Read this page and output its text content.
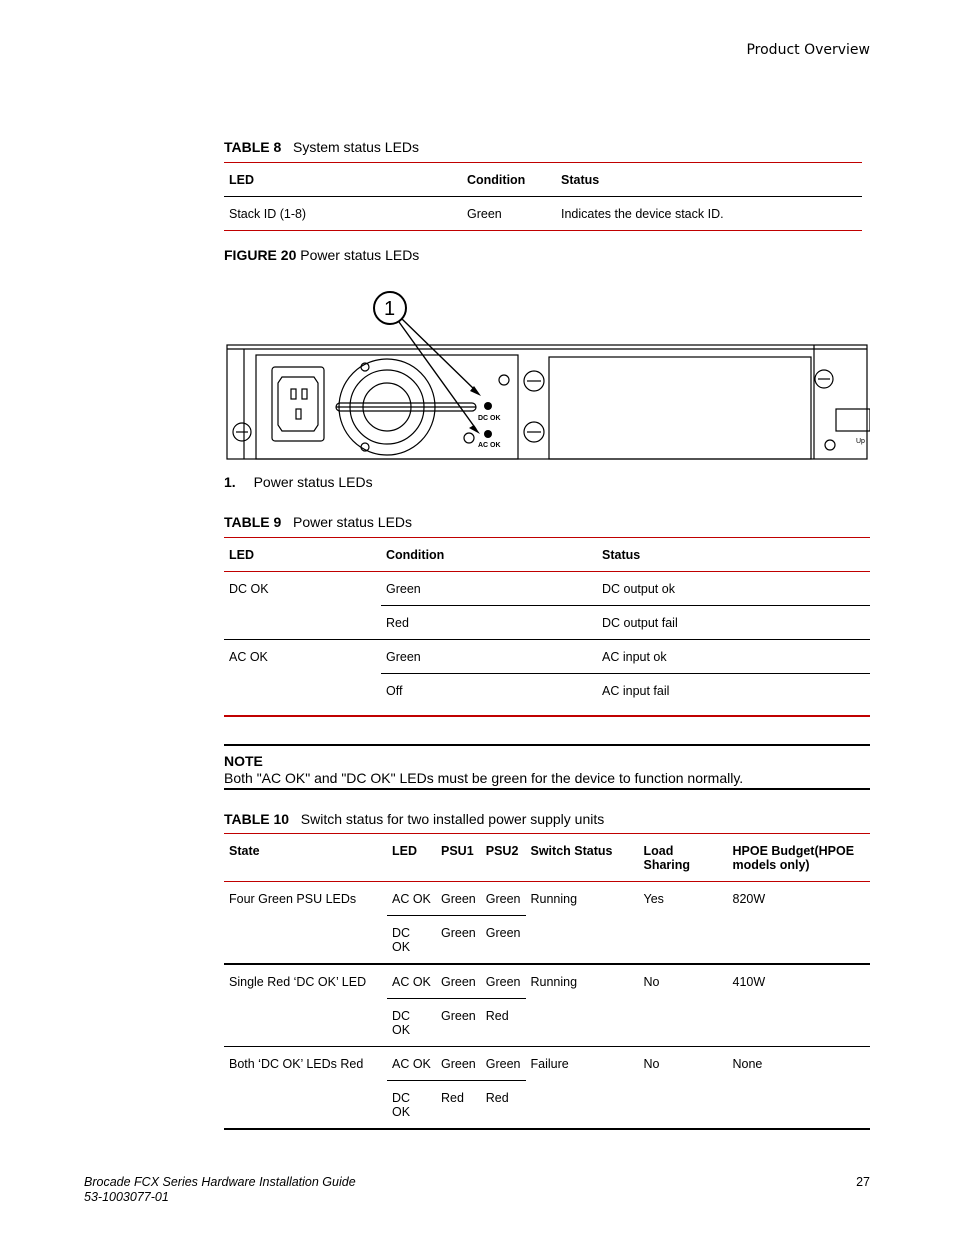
Product Overview
TABLE 8 System status LEDs
LED	Condition	Status
Stack ID (1-8)	Green	Indicates the device stack ID.
FIGURE 20 Power status LEDs
1
DC OK
AC OK
Up
1. Power status LEDs
TABLE 9 Power status LEDs
LED	Condition	Status
DC OK	Green	DC output ok
	Red	DC output fail
AC OK	Green	AC input ok
	Off	AC input fail
NOTE
Both "AC OK" and "DC OK" LEDs must be green for the device to function normally.
TABLE 10 Switch status for two installed power supply units
State	LED	PSU1	PSU2	Switch Status	Load Sharing	HPOE Budget(HPOE models only)
Four Green PSU LEDs	AC OK	Green	Green	Running	Yes	820W
	DC OK	Green	Green			
Single Red ‘DC OK’ LED	AC OK	Green	Green	Running	No	410W
	DC OK	Green	Red			
Both ‘DC OK’ LEDs Red	AC OK	Green	Green	Failure	No	None
	DC OK	Red	Red			
Brocade FCX Series Hardware Installation Guide
53-1003077-01
27
